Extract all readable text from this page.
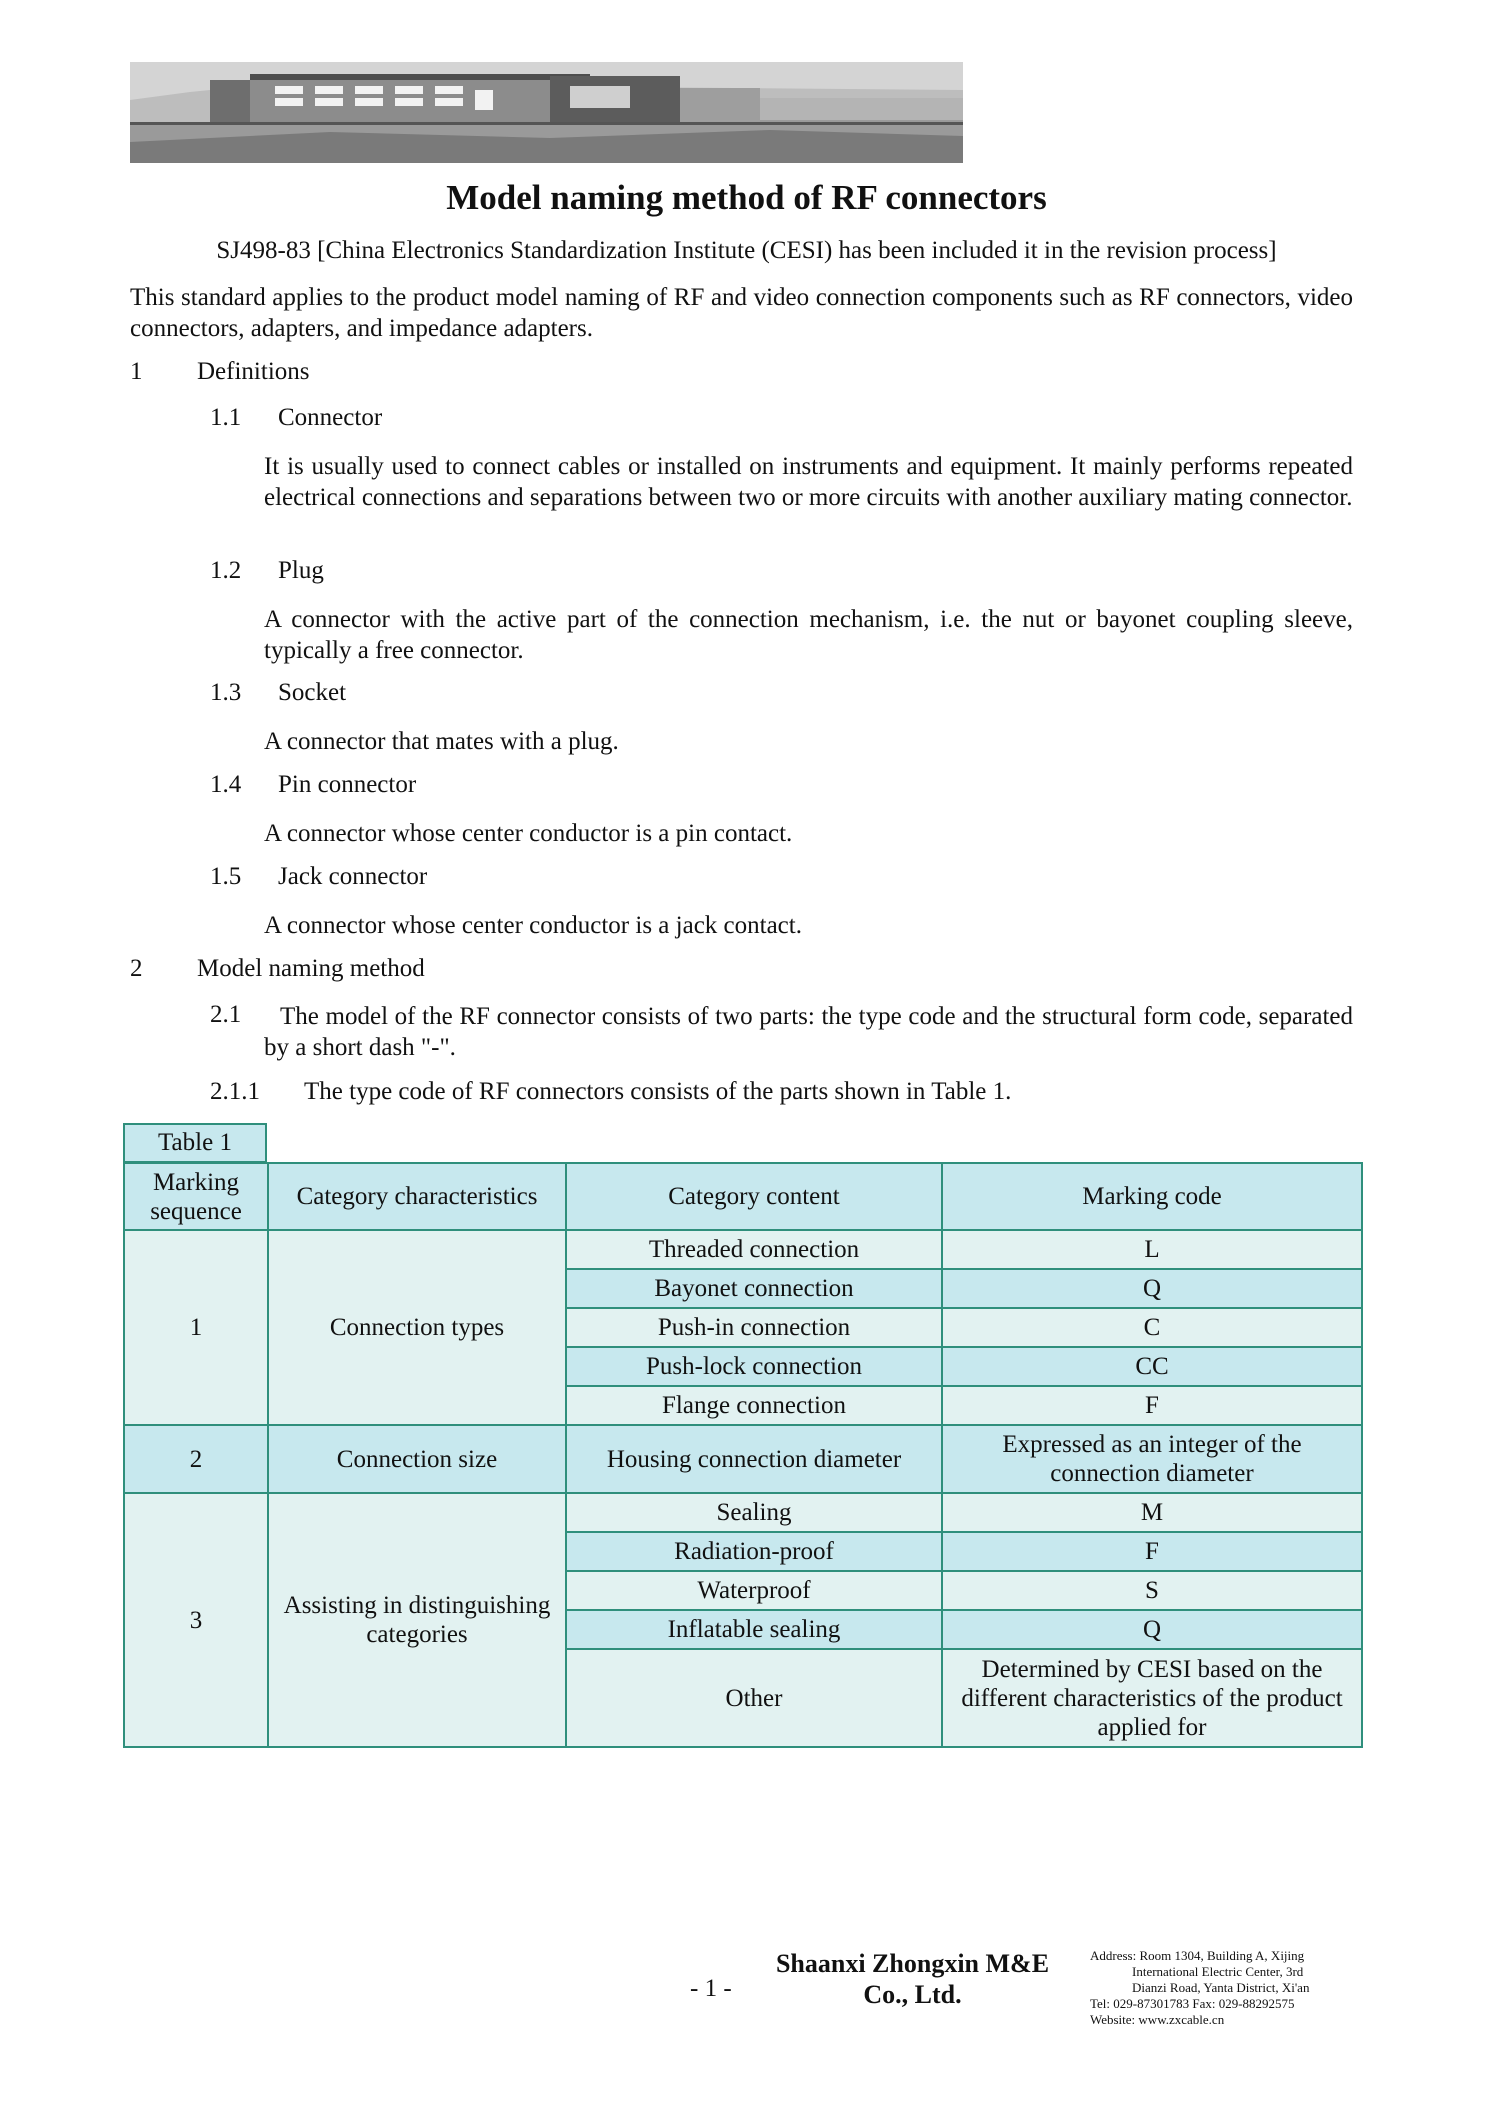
Model naming method of RF connectors
SJ498-83 [China Electronics Standardization Institute (CESI) has been included it in the revision process]
This standard applies to the product model naming of RF and video connection components such as RF connectors, video connectors, adapters, and impedance adapters.
1 Definitions
1.1 Connector
It is usually used to connect cables or installed on instruments and equipment. It mainly performs repeated electrical connections and separations between two or more circuits with another auxiliary mating connector.
1.2 Plug
A connector with the active part of the connection mechanism, i.e. the nut or bayonet coupling sleeve, typically a free connector.
1.3 Socket
A connector that mates with a plug.
1.4 Pin connector
A connector whose center conductor is a pin contact.
1.5 Jack connector
A connector whose center conductor is a jack contact.
2 Model naming method
2.1	The model of the RF connector consists of two parts: the type code and the structural form code, separated by a short dash "-".
2.1.1 The type code of RF connectors consists of the parts shown in Table 1.
Table 1
Marking sequence	Category characteristics	Category content	Marking code
1	Connection types	Threaded connection	L
		Bayonet connection	Q
		Push-in connection	C
		Push-lock connection	CC
		Flange connection	F
2	Connection size	Housing connection diameter	Expressed as an integer of the connection diameter
3	Assisting in distinguishing categories	Sealing	M
		Radiation-proof	F
		Waterproof	S
		Inflatable sealing	Q
		Other	Determined by CESI based on the different characteristics of the product applied for
- 1 -
Shaanxi Zhongxin M&E
Co., Ltd.
Address: Room 1304, Building A, Xijing
International Electric Center, 3rd
Dianzi Road, Yanta District, Xi'an
Tel: 029-87301783 Fax: 029-88292575
Website: www.zxcable.cn
